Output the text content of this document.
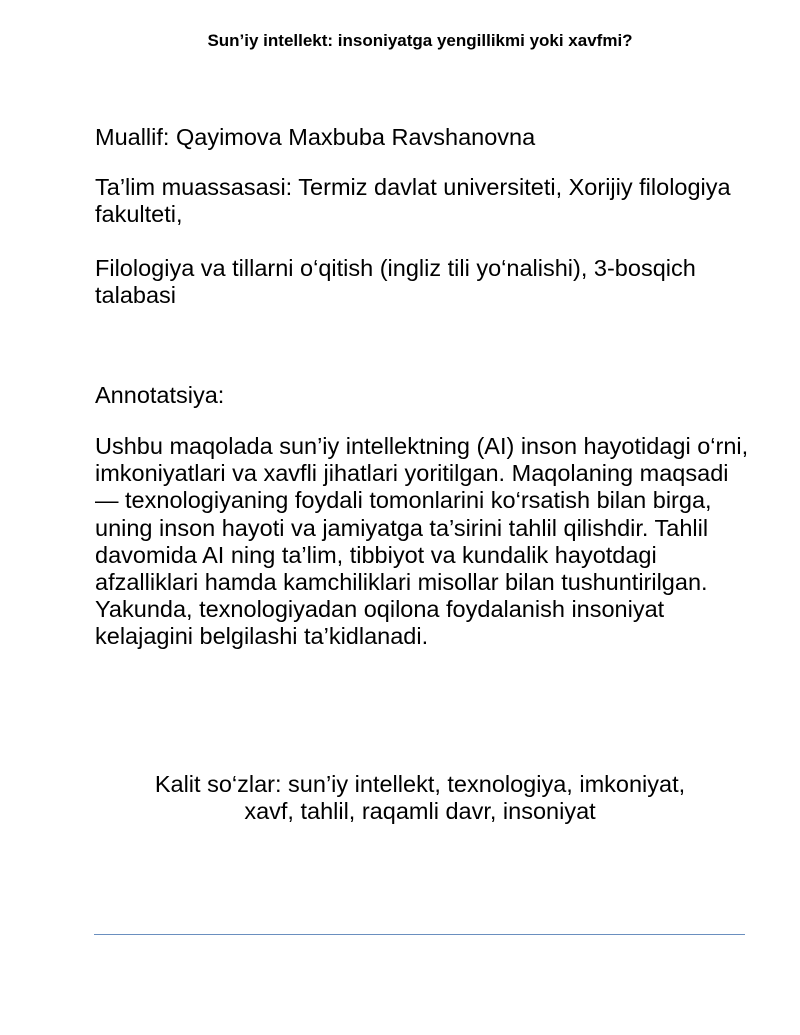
Sun’iy intellekt: insoniyatga yengillikmi yoki xavfmi?

Muallif: Qayimova Maxbuba Ravshanovna

Ta’lim muassasasi: Termiz davlat universiteti, Xorijiy filologiya fakulteti,

Filologiya va tillarni o‘qitish (ingliz tili yo‘nalishi), 3-bosqich talabasi

Annotatsiya:

Ushbu maqolada sun’iy intellektning (AI) inson hayotidagi o‘rni, imkoniyatlari va xavfli jihatlari yoritilgan. Maqolaning maqsadi — texnologiyaning foydali tomonlarini ko‘rsatish bilan birga, uning inson hayoti va jamiyatga ta’sirini tahlil qilishdir. Tahlil davomida AI ning ta’lim, tibbiyot va kundalik hayotdagi afzalliklari hamda kamchiliklari misollar bilan tushuntirilgan. Yakunda, texnologiyadan oqilona foydalanish insoniyat kelajagini belgilashi ta’kidlanadi.

Kalit so‘zlar: sun’iy intellekt, texnologiya, imkoniyat,
xavf, tahlil, raqamli davr, insoniyat
